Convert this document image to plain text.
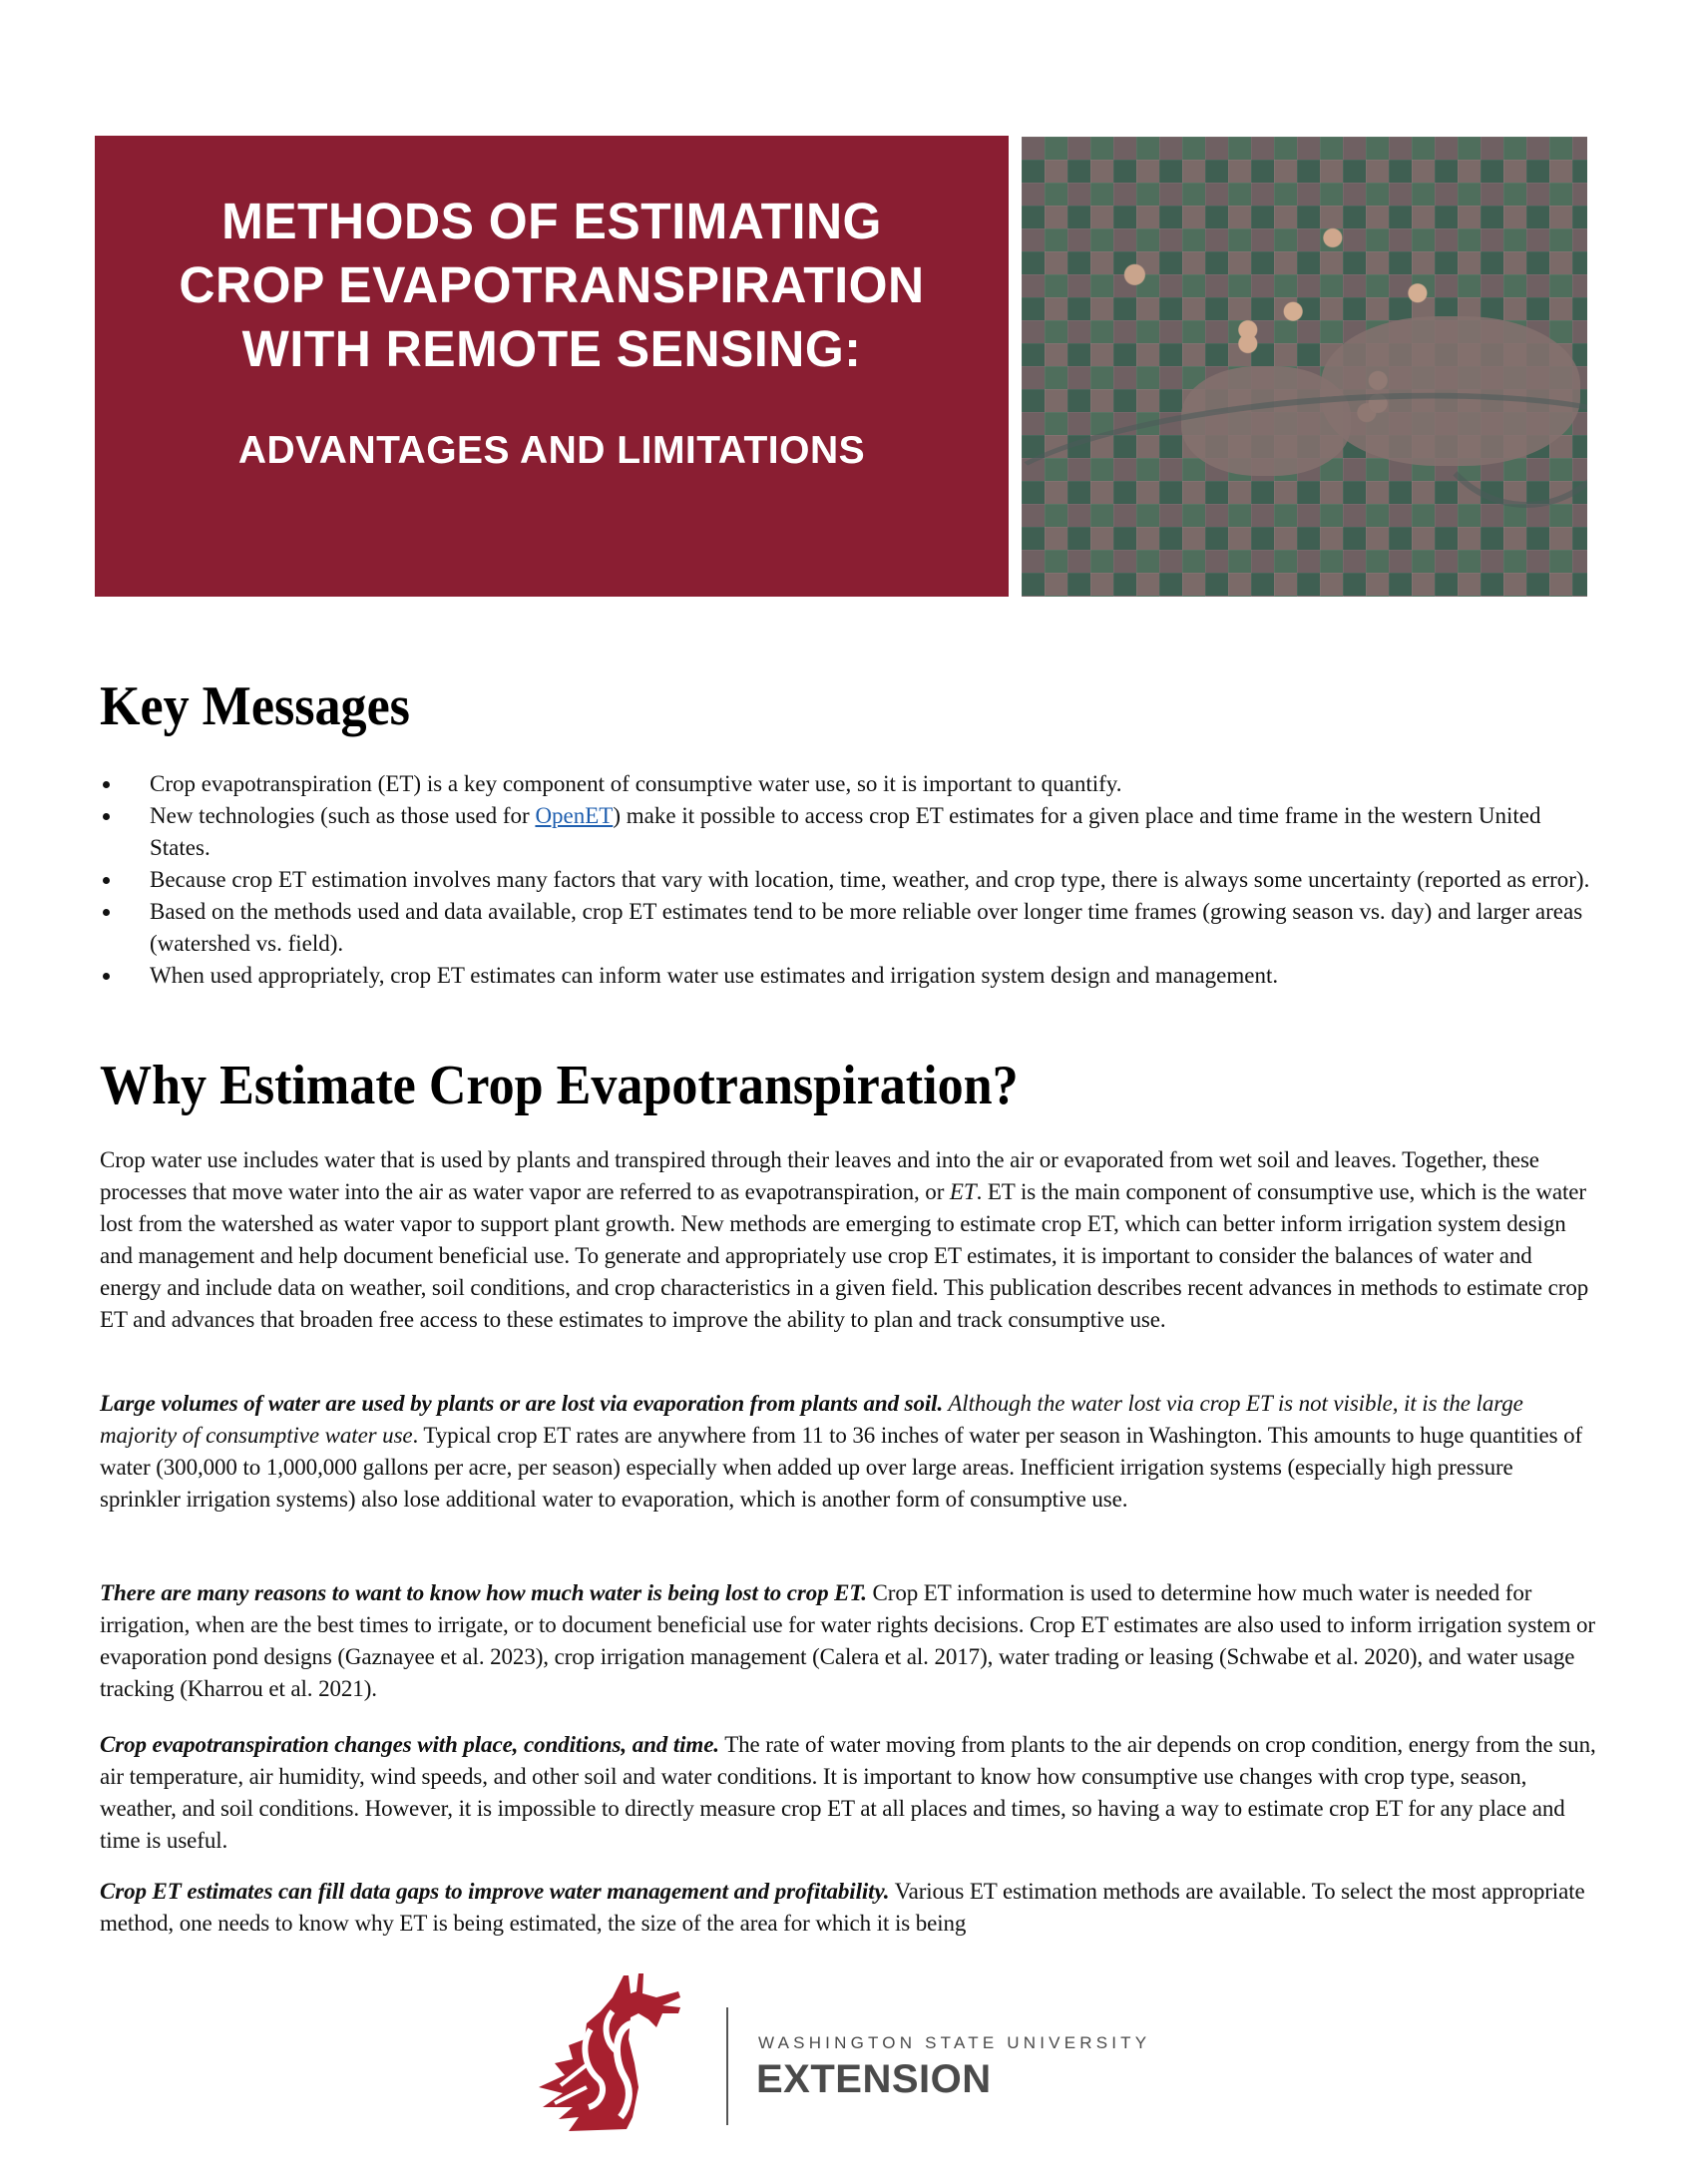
METHODS OF ESTIMATING
CROP EVAPOTRANSPIRATION
WITH REMOTE SENSING:
ADVANTAGES AND LIMITATIONS
Key Messages
Crop evapotranspiration (ET) is a key component of consumptive water use, so it is important to quantify.
New technologies (such as those used for OpenET) make it possible to access crop ET estimates for a given place and time frame in the western United States.
Because crop ET estimation involves many factors that vary with location, time, weather, and crop type, there is always some uncertainty (reported as error).
Based on the methods used and data available, crop ET estimates tend to be more reliable over longer time frames (growing season vs. day) and larger areas (watershed vs. field).
When used appropriately, crop ET estimates can inform water use estimates and irrigation system design and management.
Why Estimate Crop Evapotranspiration?

Crop water use includes water that is used by plants and transpired through their leaves and into the air or evaporated from wet soil and leaves. Together, these processes that move water into the air as water vapor are referred to as evapotranspiration, or ET. ET is the main component of consumptive use, which is the water lost from the watershed as water vapor to support plant growth. New methods are emerging to estimate crop ET, which can better inform irrigation system design and management and help document beneficial use. To generate and appropriately use crop ET estimates, it is important to consider the balances of water and energy and include data on weather, soil conditions, and crop characteristics in a given field. This publication describes recent advances in methods to estimate crop ET and advances that broaden free access to these estimates to improve the ability to plan and track consumptive use.

Large volumes of water are used by plants or are lost via evaporation from plants and soil. Although the water lost via crop ET is not visible, it is the large majority of consumptive water use. Typical crop ET rates are anywhere from 11 to 36 inches of water per season in Washington. This amounts to huge quantities of water (300,000 to 1,000,000 gallons per acre, per season) especially when added up over large areas. Inefficient irrigation systems (especially high pressure sprinkler irrigation systems) also lose additional water to evaporation, which is another form of consumptive use.

There are many reasons to want to know how much water is being lost to crop ET. Crop ET information is used to determine how much water is needed for irrigation, when are the best times to irrigate, or to document beneficial use for water rights decisions. Crop ET estimates are also used to inform irrigation system or evaporation pond designs (Gaznayee et al. 2023), crop irrigation management (Calera et al. 2017), water trading or leasing (Schwabe et al. 2020), and water usage tracking (Kharrou et al. 2021).

Crop evapotranspiration changes with place, conditions, and time. The rate of water moving from plants to the air depends on crop condition, energy from the sun, air temperature, air humidity, wind speeds, and other soil and water conditions. It is important to know how consumptive use changes with crop type, season, weather, and soil conditions. However, it is impossible to directly measure crop ET at all places and times, so having a way to estimate crop ET for any place and time is useful.

Crop ET estimates can fill data gaps to improve water management and profitability. Various ET estimation methods are available. To select the most appropriate method, one needs to know why ET is being estimated, the size of the area for which it is being

WASHINGTON STATE UNIVERSITY
EXTENSION
